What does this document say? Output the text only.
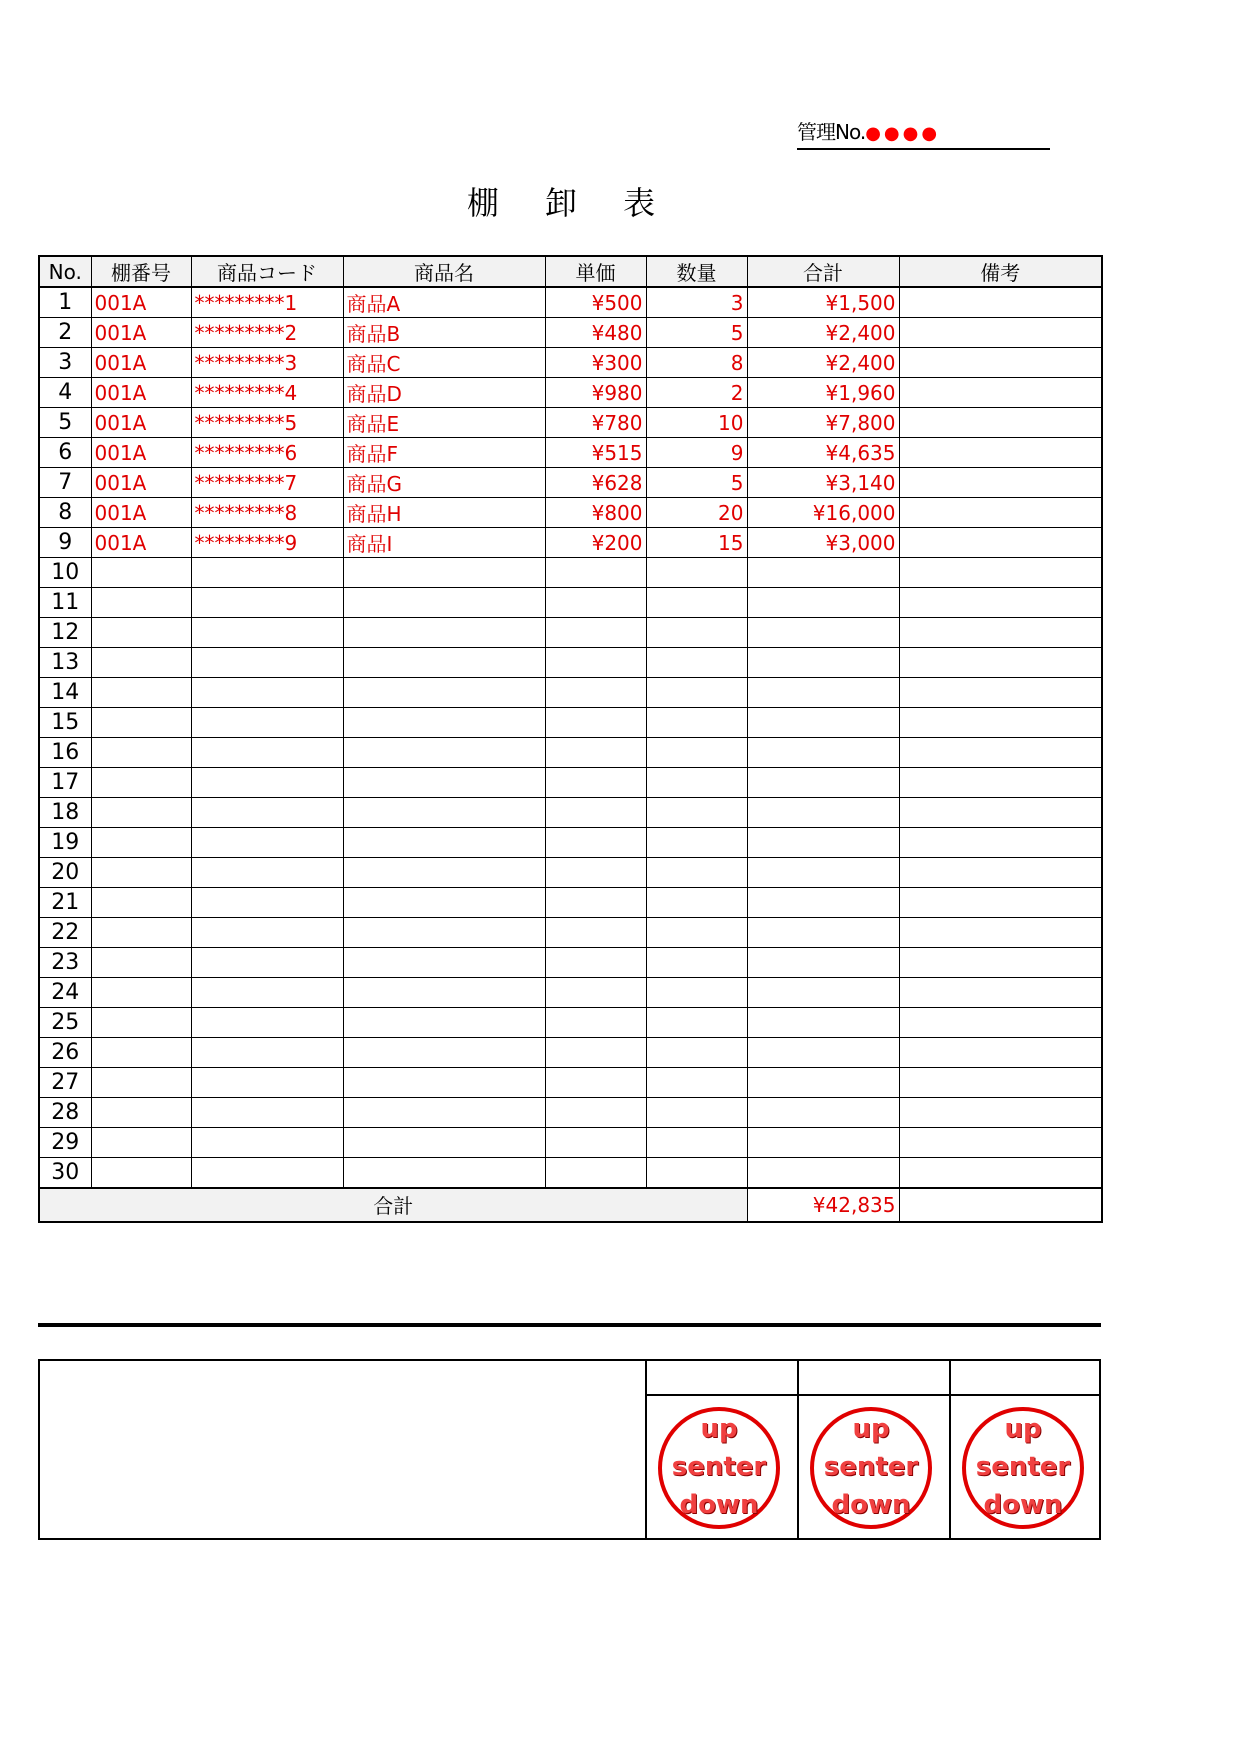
管理No.●●●●
棚 卸 表
No.	棚番号	商品コード	商品名	単価	数量	合計	備考
1	001A	*********1	商品A	¥500	3	¥1,500	
2	001A	*********2	商品B	¥480	5	¥2,400	
3	001A	*********3	商品C	¥300	8	¥2,400	
4	001A	*********4	商品D	¥980	2	¥1,960	
5	001A	*********5	商品E	¥780	10	¥7,800	
6	001A	*********6	商品F	¥515	9	¥4,635	
7	001A	*********7	商品G	¥628	5	¥3,140	
8	001A	*********8	商品H	¥800	20	¥16,000	
9	001A	*********9	商品I	¥200	15	¥3,000	
10							
11							
12							
13							
14							
15							
16							
17							
18							
19							
20							
21							
22							
23							
24							
25							
26							
27							
28							
29							
30							
合計						¥42,835	
up
senter
down
up
senter
down
up
senter
down
